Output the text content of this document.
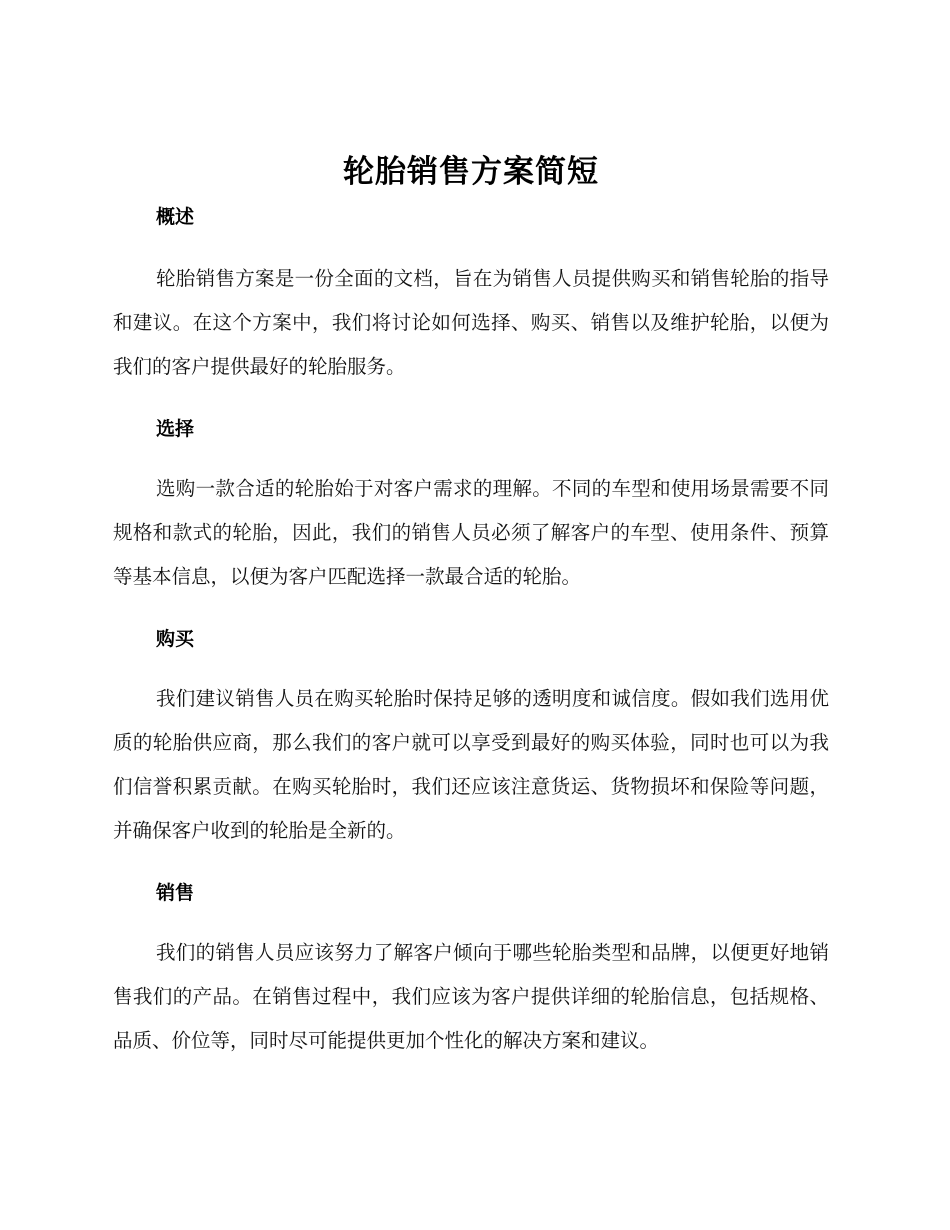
轮胎销售方案简短
概述

轮胎销售方案是一份全面的文档，旨在为销售人员提供购买和销售轮胎的指导和建议。在这个方案中，我们将讨论如何选择、购买、销售以及维护轮胎，以便为我们的客户提供最好的轮胎服务。

选择

选购一款合适的轮胎始于对客户需求的理解。不同的车型和使用场景需要不同规格和款式的轮胎，因此，我们的销售人员必须了解客户的车型、使用条件、预算等基本信息，以便为客户匹配选择一款最合适的轮胎。

购买

我们建议销售人员在购买轮胎时保持足够的透明度和诚信度。假如我们选用优质的轮胎供应商，那么我们的客户就可以享受到最好的购买体验，同时也可以为我们信誉积累贡献。在购买轮胎时，我们还应该注意货运、货物损坏和保险等问题，并确保客户收到的轮胎是全新的。

销售

我们的销售人员应该努力了解客户倾向于哪些轮胎类型和品牌，以便更好地销售我们的产品。在销售过程中，我们应该为客户提供详细的轮胎信息，包括规格、品质、价位等，同时尽可能提供更加个性化的解决方案和建议。
